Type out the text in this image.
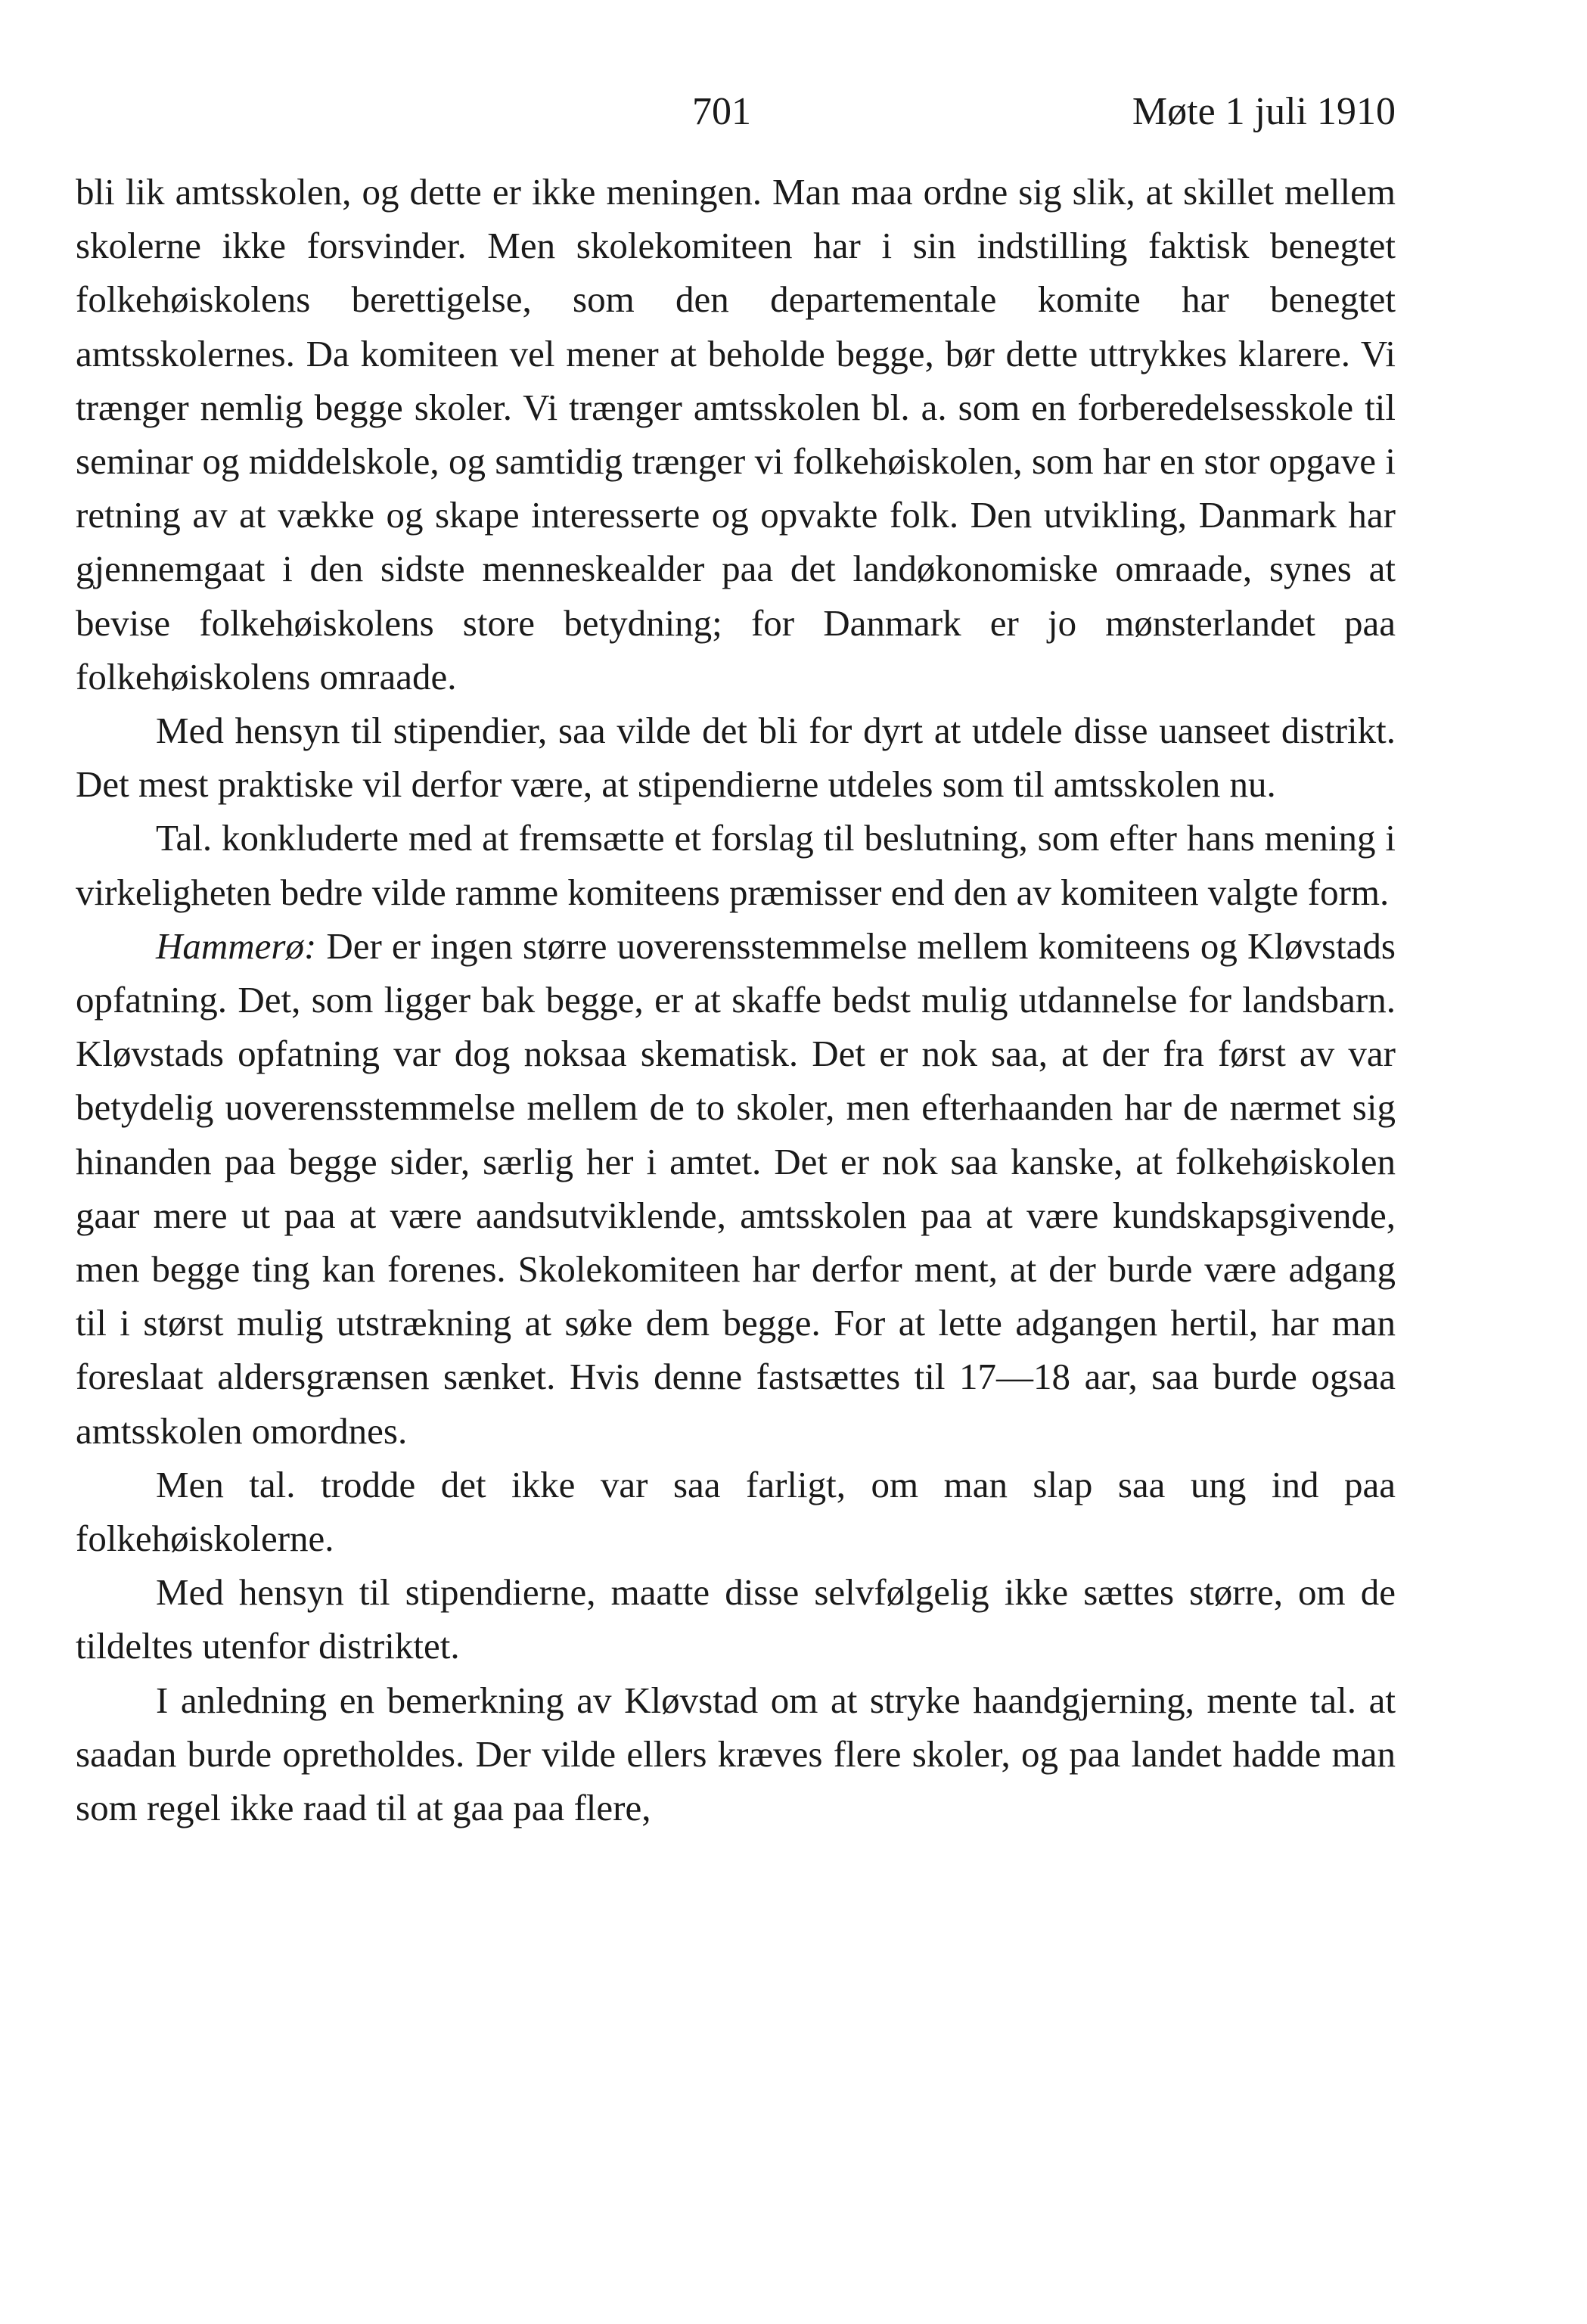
701	Møte 1 juli 1910

bli lik amtsskolen, og dette er ikke meningen. Man maa ordne sig slik, at skillet mellem skolerne ikke forsvinder. Men skolekomiteen har i sin indstilling faktisk benegtet folkehøiskolens berettigelse, som den departementale komite har benegtet amtsskolernes. Da komiteen vel mener at beholde begge, bør dette uttrykkes klarere. Vi trænger nemlig begge skoler. Vi trænger amtsskolen bl. a. som en forberedelsesskole til seminar og middelskole, og samtidig trænger vi folkehøiskolen, som har en stor opgave i retning av at vække og skape interesserte og opvakte folk. Den utvikling, Danmark har gjennemgaat i den sidste menneskealder paa det landøkonomiske omraade, synes at bevise folkehøiskolens store betydning; for Danmark er jo mønsterlandet paa folkehøiskolens omraade.

Med hensyn til stipendier, saa vilde det bli for dyrt at utdele disse uanseet distrikt. Det mest praktiske vil derfor være, at stipendierne utdeles som til amtsskolen nu.

Tal. konkluderte med at fremsætte et forslag til beslutning, som efter hans mening i virkeligheten bedre vilde ramme komiteens præmisser end den av komiteen valgte form.

Hammerø: Der er ingen større uoverensstemmelse mellem komiteens og Kløvstads opfatning. Det, som ligger bak begge, er at skaffe bedst mulig utdannelse for landsbarn. Kløvstads opfatning var dog noksaa skematisk. Det er nok saa, at der fra først av var betydelig uoverensstemmelse mellem de to skoler, men efterhaanden har de nærmet sig hinanden paa begge sider, særlig her i amtet. Det er nok saa kanske, at folkehøiskolen gaar mere ut paa at være aandsutviklende, amtsskolen paa at være kundskapsgivende, men begge ting kan forenes. Skolekomiteen har derfor ment, at der burde være adgang til i størst mulig utstrækning at søke dem begge. For at lette adgangen hertil, har man foreslaat aldersgrænsen sænket. Hvis denne fastsættes til 17—18 aar, saa burde ogsaa amtsskolen omordnes.

Men tal. trodde det ikke var saa farligt, om man slap saa ung ind paa folkehøiskolerne.

Med hensyn til stipendierne, maatte disse selvfølgelig ikke sættes større, om de tildeltes utenfor distriktet.

I anledning en bemerkning av Kløvstad om at stryke haandgjerning, mente tal. at saadan burde opretholdes. Der vilde ellers kræves flere skoler, og paa landet hadde man som regel ikke raad til at gaa paa flere,
